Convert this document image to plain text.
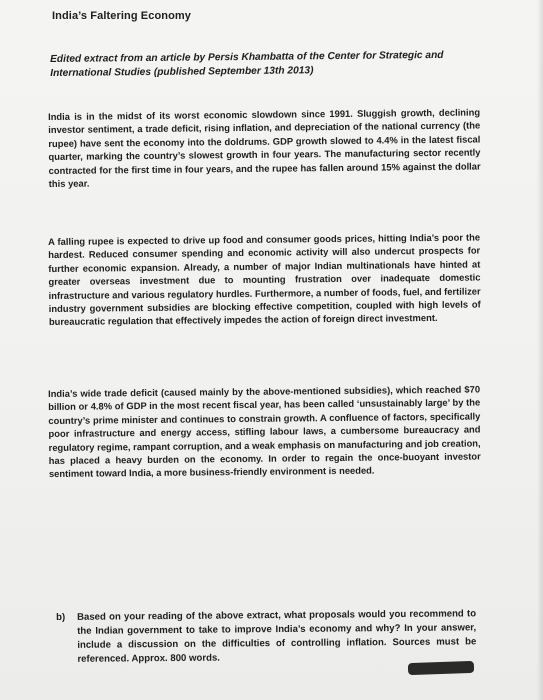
India’s Faltering Economy
Edited extract from an article by Persis Khambatta of the Center for Strategic and International Studies (published September 13th 2013)
India is in the midst of its worst economic slowdown since 1991. Sluggish growth, declining investor sentiment, a trade deficit, rising inflation, and depreciation of the national currency (the rupee) have sent the economy into the doldrums. GDP growth slowed to 4.4% in the latest fiscal quarter, marking the country’s slowest growth in four years. The manufacturing sector recently contracted for the first time in four years, and the rupee has fallen around 15% against the dollar this year.
A falling rupee is expected to drive up food and consumer goods prices, hitting India’s poor the hardest. Reduced consumer spending and economic activity will also undercut prospects for further economic expansion. Already, a number of major Indian multinationals have hinted at greater overseas investment due to mounting frustration over inadequate domestic infrastructure and various regulatory hurdles. Furthermore, a number of foods, fuel, and fertilizer industry government subsidies are blocking effective competition, coupled with high levels of bureaucratic regulation that effectively impedes the action of foreign direct investment.
India’s wide trade deficit (caused mainly by the above-mentioned subsidies), which reached $70 billion or 4.8% of GDP in the most recent fiscal year, has been called ‘unsustainably large’ by the country’s prime minister and continues to constrain growth. A confluence of factors, specifically poor infrastructure and energy access, stifling labour laws, a cumbersome bureaucracy and regulatory regime, rampant corruption, and a weak emphasis on manufacturing and job creation, has placed a heavy burden on the economy. In order to regain the once-buoyant investor sentiment toward India, a more business-friendly environment is needed.
b) Based on your reading of the above extract, what proposals would you recommend to the Indian government to take to improve India’s economy and why? In your answer, include a discussion on the difficulties of controlling inflation. Sources must be referenced. Approx. 800 words.
